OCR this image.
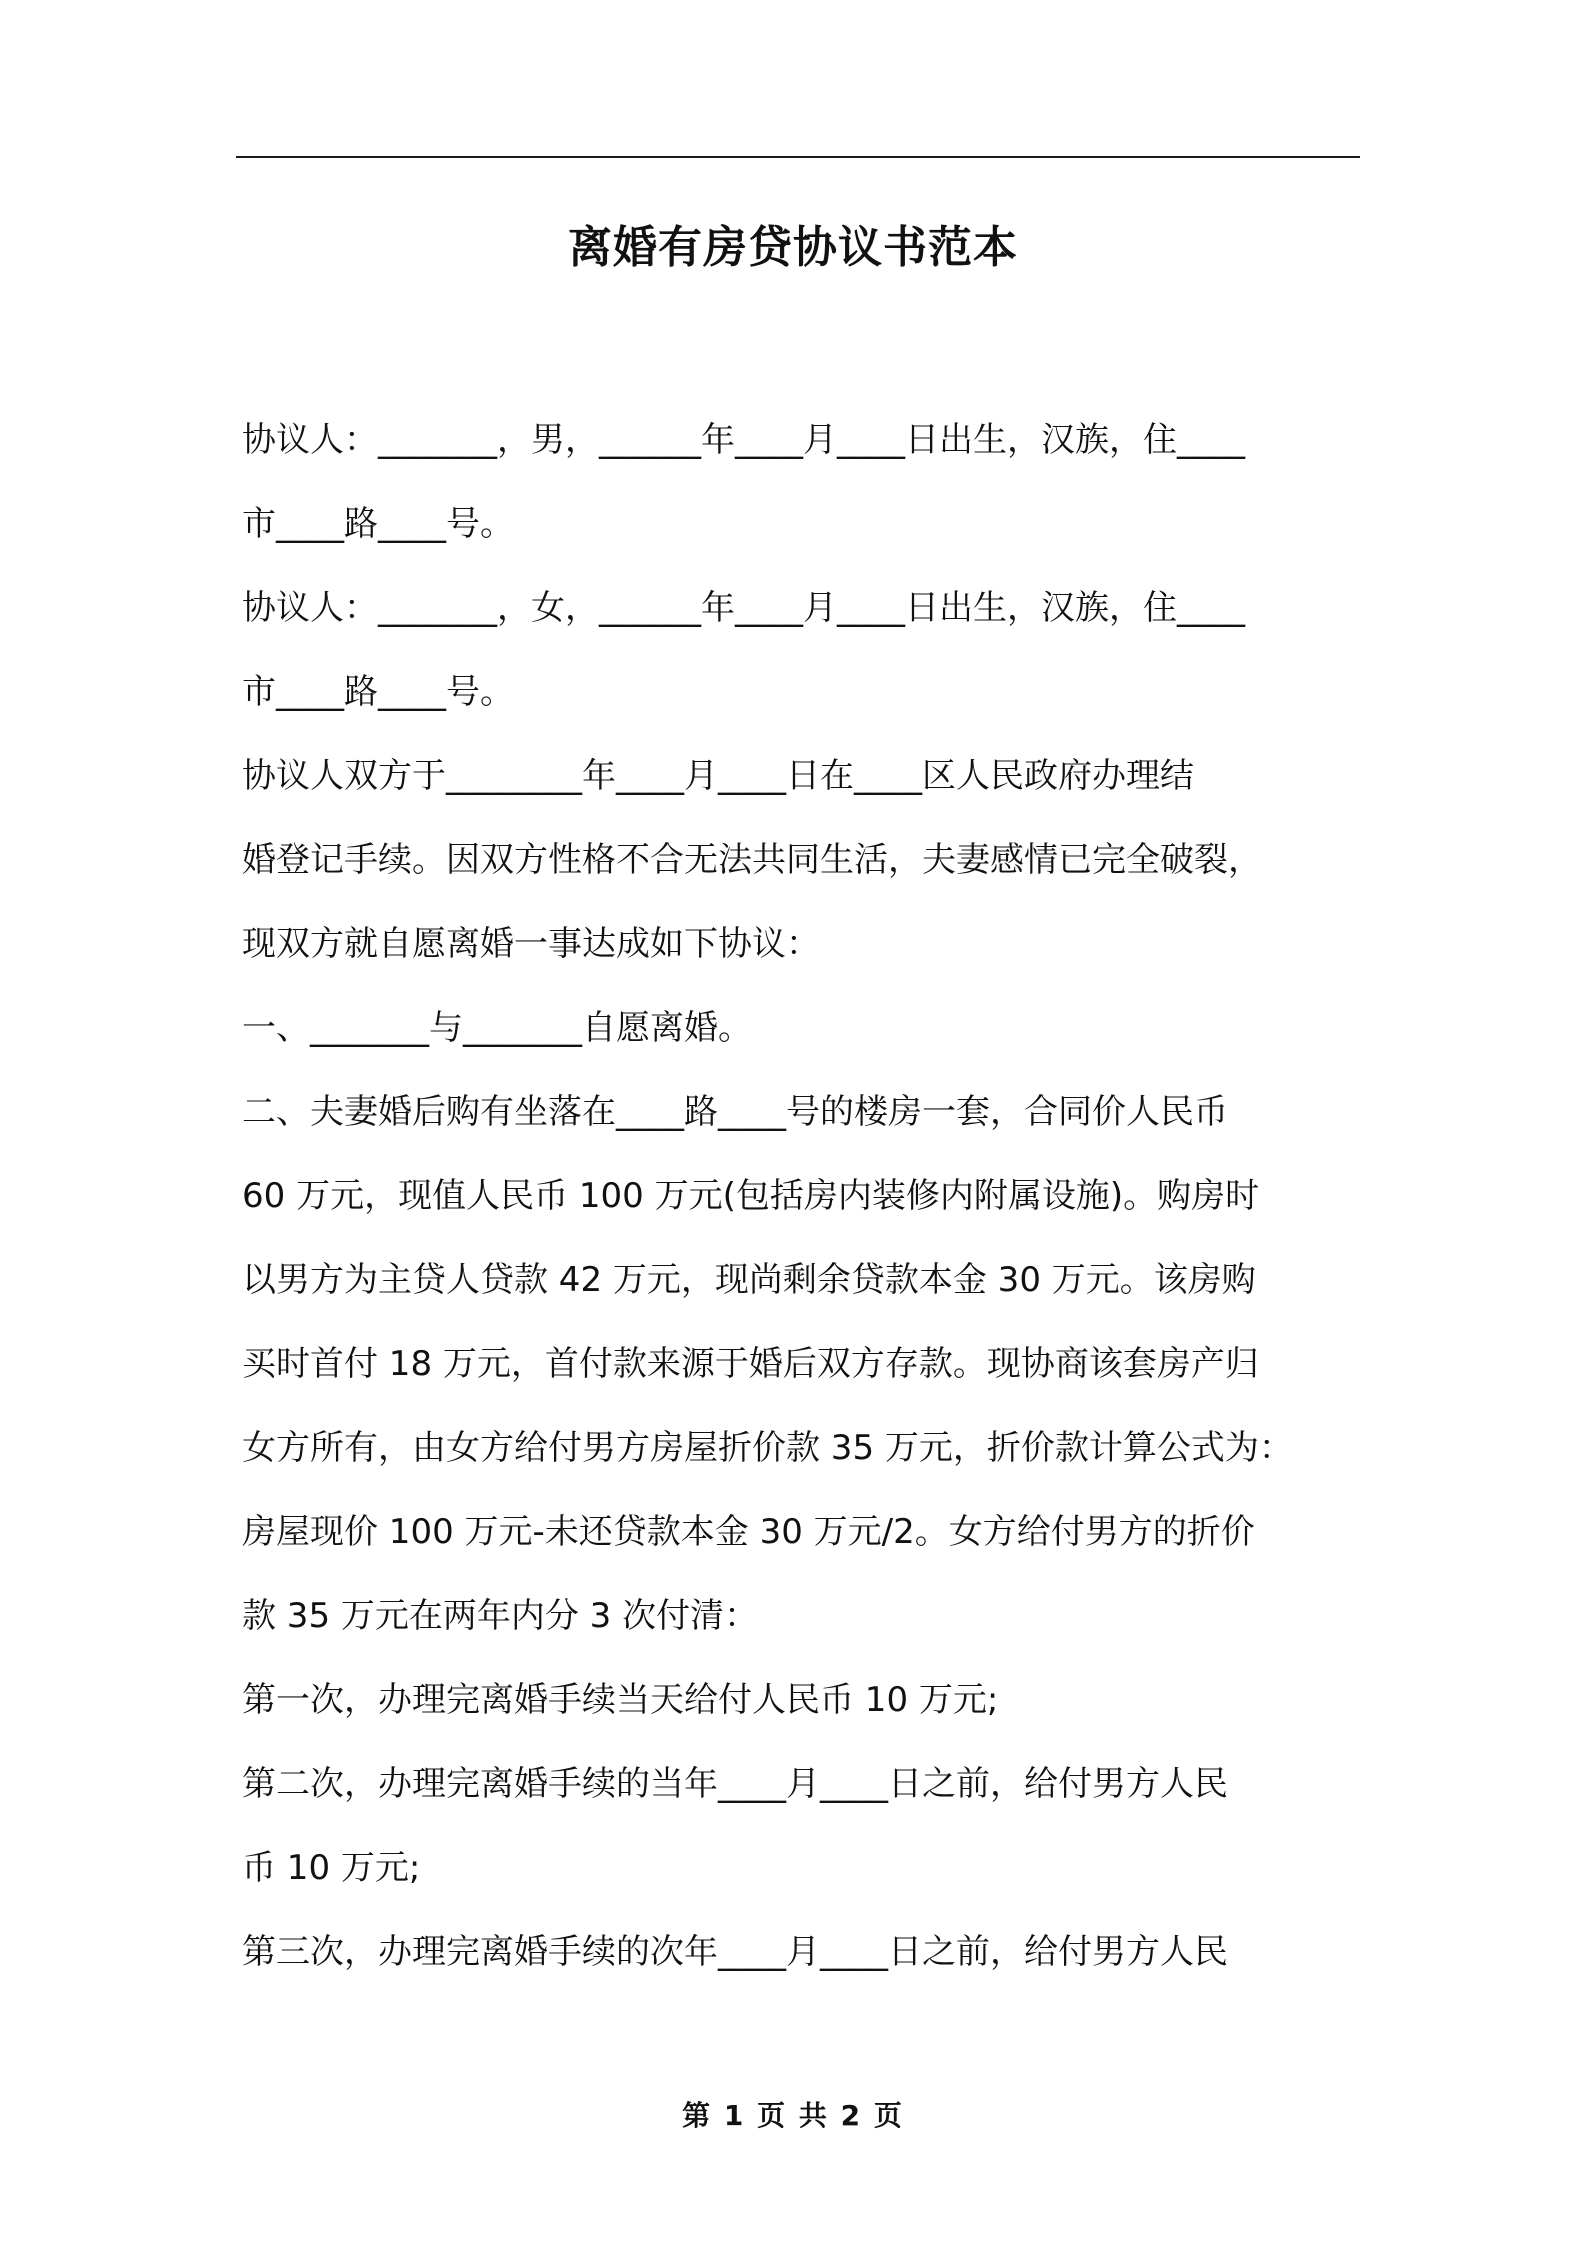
离婚有房贷协议书范本

协议人：_______，男，______年____月____日出生，汉族，住____

市____路____号。

协议人：_______，女，______年____月____日出生，汉族，住____

市____路____号。

协议人双方于________年____月____日在____区人民政府办理结

婚登记手续。因双方性格不合无法共同生活，夫妻感情已完全破裂，

现双方就自愿离婚一事达成如下协议：

一、_______与_______自愿离婚。

二、夫妻婚后购有坐落在____路____号的楼房一套，合同价人民币

60 万元，现值人民币 100 万元(包括房内装修内附属设施)。购房时

以男方为主贷人贷款 42 万元，现尚剩余贷款本金 30 万元。该房购

买时首付 18 万元，首付款来源于婚后双方存款。现协商该套房产归

女方所有，由女方给付男方房屋折价款 35 万元，折价款计算公式为：

房屋现价 100 万元-未还贷款本金 30 万元/2。女方给付男方的折价

款 35 万元在两年内分 3 次付清：

第一次，办理完离婚手续当天给付人民币 10 万元;

第二次，办理完离婚手续的当年____月____日之前，给付男方人民

币 10 万元;

第三次，办理完离婚手续的次年____月____日之前，给付男方人民

第 1 页 共 2 页
